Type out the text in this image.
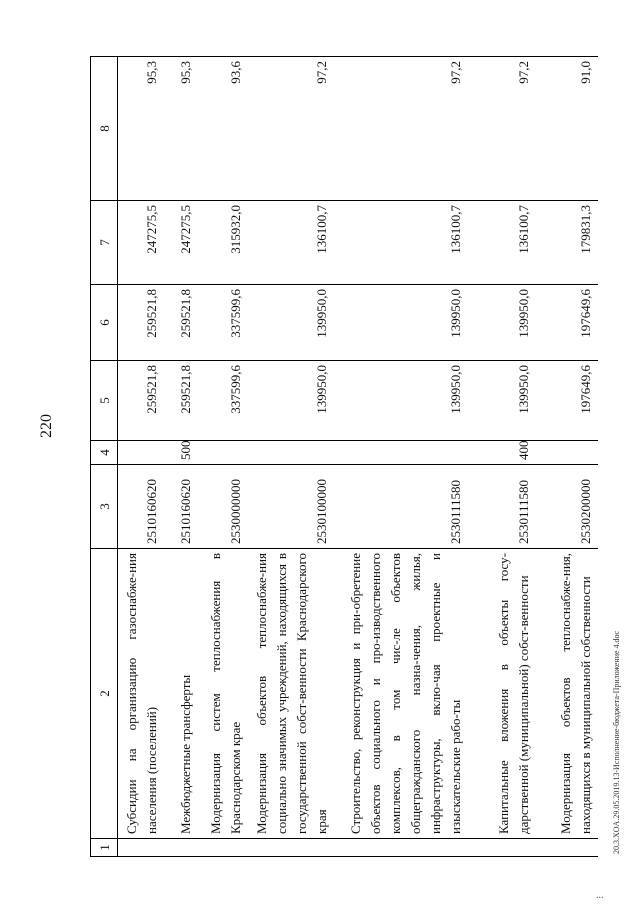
220
1	2	3	4	5	6	7	8
	Субсидии на организацию газоснабже-ния населения (поселений)	2510160620		259521,8	259521,8	247275,5	95,3
	Межбюджетные трансферты	2510160620	500	259521,8	259521,8	247275,5	95,3
	Модернизация систем теплоснабжения в Краснодарском крае	2530000000		337599,6	337599,6	315932,0	93,6
	Модернизация объектов теплоснабже-ния социально значимых учреждений, находящихся в государственной собст-венности Краснодарского края	2530100000		139950,0	139950,0	136100,7	97,2
	Строительство, реконструкция и при-обретение объектов социального и про-изводственного комплексов, в том чис-ле объектов общегражданского назна-чения, жилья, инфраструктуры, вклю-чая проектные и изыскательские рабо-ты	2530111580		139950,0	139950,0	136100,7	97,2
	Капитальные вложения в объекты госу-дарственной (муниципальной) собст-венности	2530111580	400	139950,0	139950,0	136100,7	97,2
	Модернизация объектов теплоснабже-ния, находящихся в муниципальной собственности	2530200000		197649,6	197649,6	179831,3	91,0
20.3.XOA.29.05.2019.13-Исполнение-бюджета-Приложение 4.doc
...
